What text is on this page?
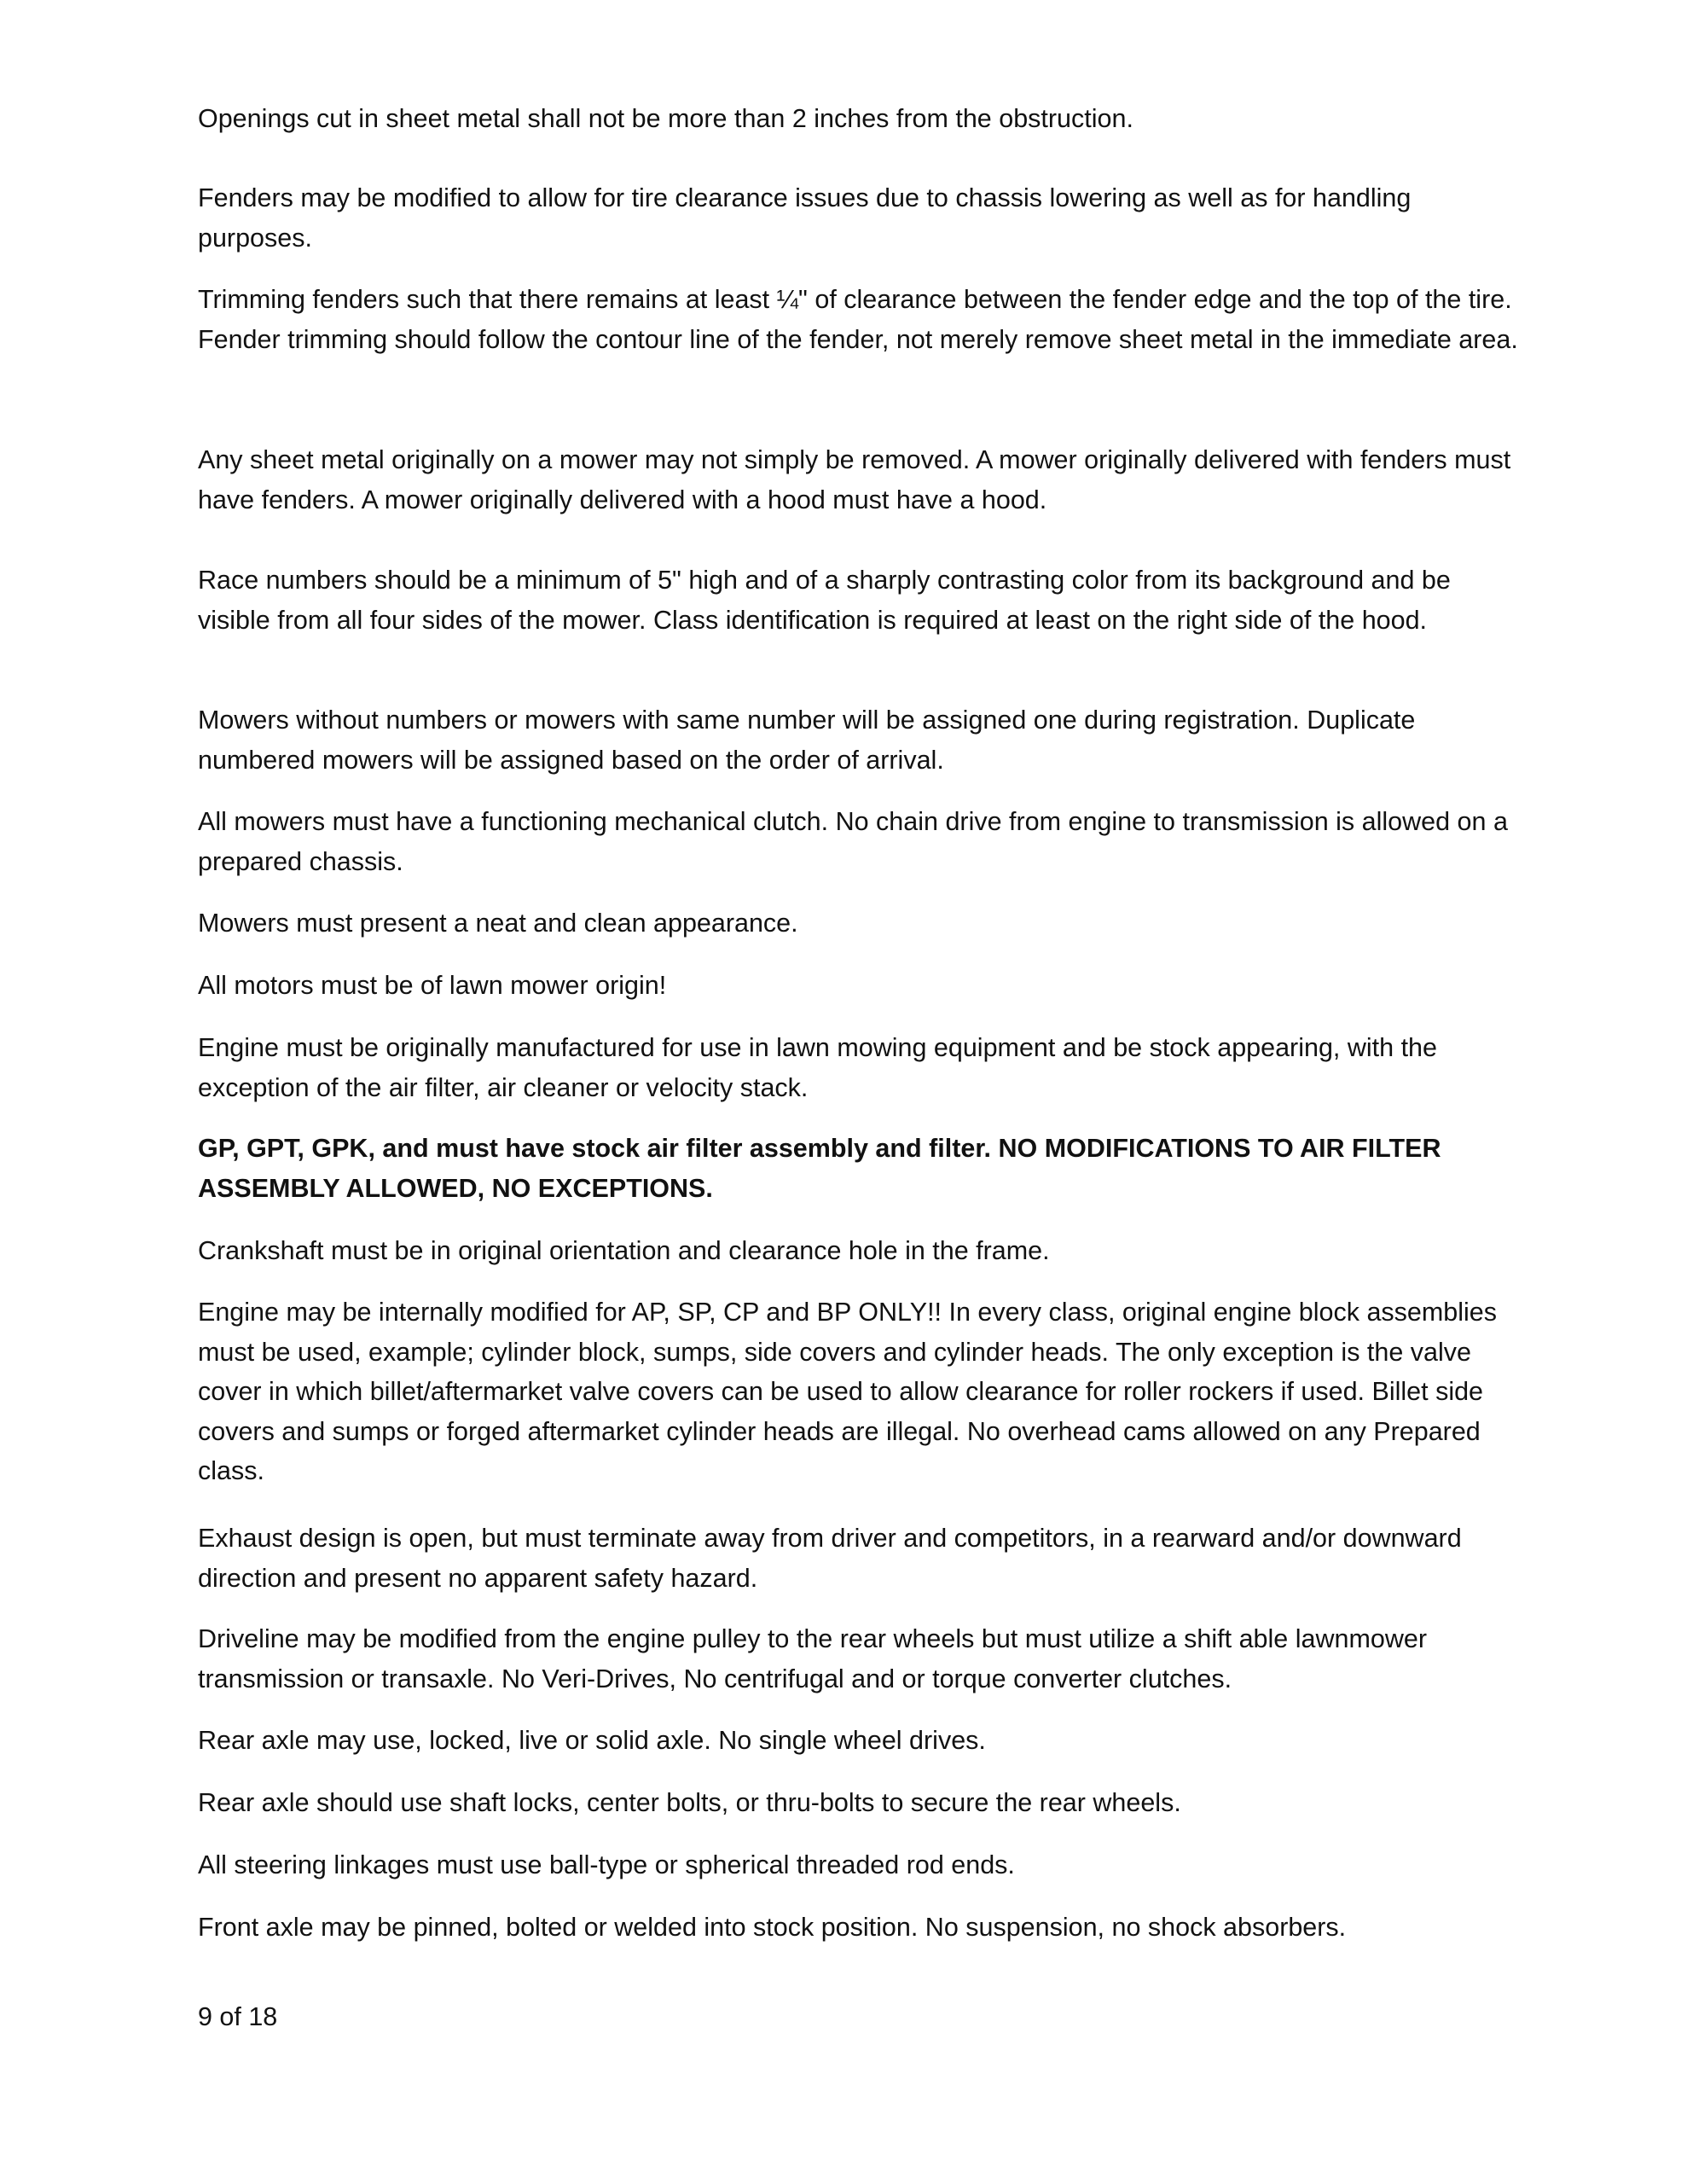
Openings cut in sheet metal shall not be more than 2 inches from the obstruction.

Fenders may be modified to allow for tire clearance issues due to chassis lowering as well as for handling purposes.

Trimming fenders such that there remains at least ¼" of clearance between the fender edge and the top of the tire. Fender trimming should follow the contour line of the fender, not merely remove sheet metal in the immediate area.

Any sheet metal originally on a mower may not simply be removed. A mower originally delivered with fenders must have fenders. A mower originally delivered with a hood must have a hood.

Race numbers should be a minimum of 5" high and of a sharply contrasting color from its background and be visible from all four sides of the mower. Class identification is required at least on the right side of the hood.

Mowers without numbers or mowers with same number will be assigned one during registration. Duplicate numbered mowers will be assigned based on the order of arrival.

All mowers must have a functioning mechanical clutch. No chain drive from engine to transmission is allowed on a prepared chassis.

Mowers must present a neat and clean appearance.

All motors must be of lawn mower origin!

Engine must be originally manufactured for use in lawn mowing equipment and be stock appearing, with the exception of the air filter, air cleaner or velocity stack.

GP, GPT, GPK, and must have stock air filter assembly and filter. NO MODIFICATIONS TO AIR FILTER ASSEMBLY ALLOWED, NO EXCEPTIONS.

Crankshaft must be in original orientation and clearance hole in the frame.

Engine may be internally modified for AP, SP, CP and BP ONLY!! In every class, original engine block assemblies must be used, example; cylinder block, sumps, side covers and cylinder heads. The only exception is the valve cover in which billet/aftermarket valve covers can be used to allow clearance for roller rockers if used. Billet side covers and sumps or forged aftermarket cylinder heads are illegal. No overhead cams allowed on any Prepared class.

Exhaust design is open, but must terminate away from driver and competitors, in a rearward and/or downward direction and present no apparent safety hazard.

Driveline may be modified from the engine pulley to the rear wheels but must utilize a shift able lawnmower transmission or transaxle. No Veri-Drives, No centrifugal and or torque converter clutches.

Rear axle may use, locked, live or solid axle. No single wheel drives.

Rear axle should use shaft locks, center bolts, or thru-bolts to secure the rear wheels.

All steering linkages must use ball-type or spherical threaded rod ends.

Front axle may be pinned, bolted or welded into stock position. No suspension, no shock absorbers.

9 of 18
